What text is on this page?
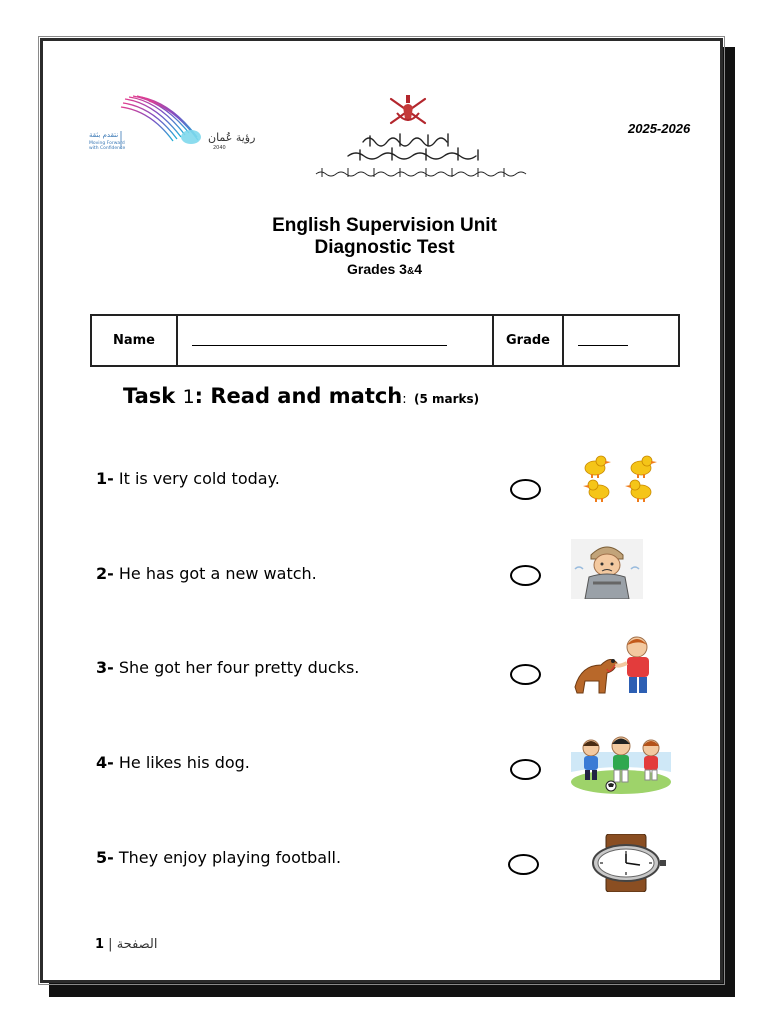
2025-2026
رؤية عُمان
2040
نتقدم بثقة
Moving Forward
with Confidence
English Supervision Unit
Diagnostic Test
Grades 3&4
Name	Grade
Task 1: Read and match: (5 marks)
1- It is very cold today.
2- He has got a new watch.
3- She got her four pretty ducks.
4- He likes his dog.
5- They enjoy playing football.
الصفحة | 1
